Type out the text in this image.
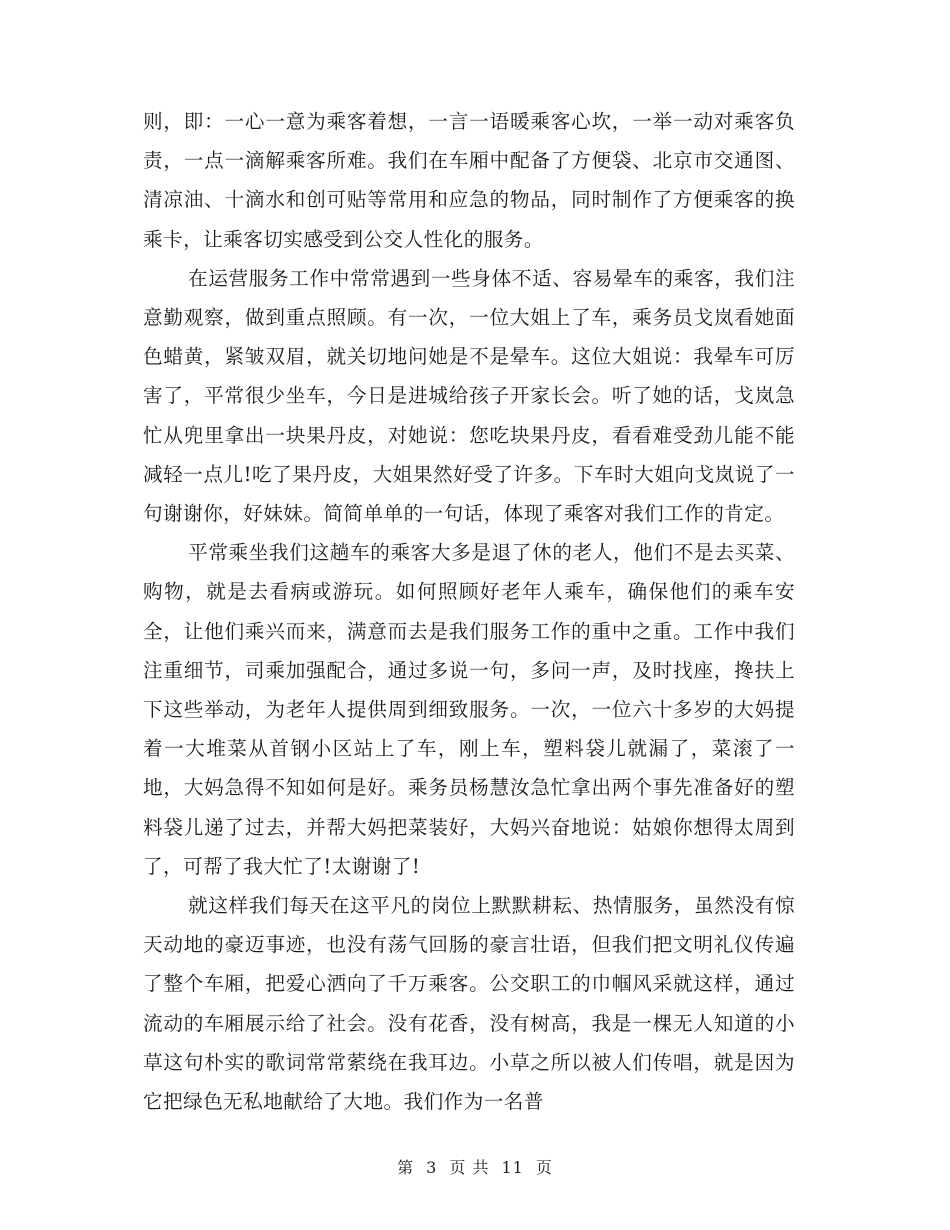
则，即：一心一意为乘客着想，一言一语暖乘客心坎，一举一动对乘客负责，一点一滴解乘客所难。我们在车厢中配备了方便袋、北京市交通图、清凉油、十滴水和创可贴等常用和应急的物品，同时制作了方便乘客的换乘卡，让乘客切实感受到公交人性化的服务。

在运营服务工作中常常遇到一些身体不适、容易晕车的乘客，我们注意勤观察，做到重点照顾。有一次，一位大姐上了车，乘务员戈岚看她面色蜡黄，紧皱双眉，就关切地问她是不是晕车。这位大姐说：我晕车可厉害了，平常很少坐车，今日是进城给孩子开家长会。听了她的话，戈岚急忙从兜里拿出一块果丹皮，对她说：您吃块果丹皮，看看难受劲儿能不能减轻一点儿!吃了果丹皮，大姐果然好受了许多。下车时大姐向戈岚说了一句谢谢你，好妹妹。简简单单的一句话，体现了乘客对我们工作的肯定。

平常乘坐我们这趟车的乘客大多是退了休的老人，他们不是去买菜、购物，就是去看病或游玩。如何照顾好老年人乘车，确保他们的乘车安全，让他们乘兴而来，满意而去是我们服务工作的重中之重。工作中我们注重细节，司乘加强配合，通过多说一句，多问一声，及时找座，搀扶上下这些举动，为老年人提供周到细致服务。一次，一位六十多岁的大妈提着一大堆菜从首钢小区站上了车，刚上车，塑料袋儿就漏了，菜滚了一地，大妈急得不知如何是好。乘务员杨慧汝急忙拿出两个事先准备好的塑料袋儿递了过去，并帮大妈把菜装好，大妈兴奋地说：姑娘你想得太周到了，可帮了我大忙了!太谢谢了!

就这样我们每天在这平凡的岗位上默默耕耘、热情服务，虽然没有惊天动地的豪迈事迹，也没有荡气回肠的豪言壮语，但我们把文明礼仪传遍了整个车厢，把爱心洒向了千万乘客。公交职工的巾帼风采就这样，通过流动的车厢展示给了社会。没有花香，没有树高，我是一棵无人知道的小草这句朴实的歌词常常萦绕在我耳边。小草之所以被人们传唱，就是因为它把绿色无私地献给了大地。我们作为一名普

第 3 页 共 11 页
